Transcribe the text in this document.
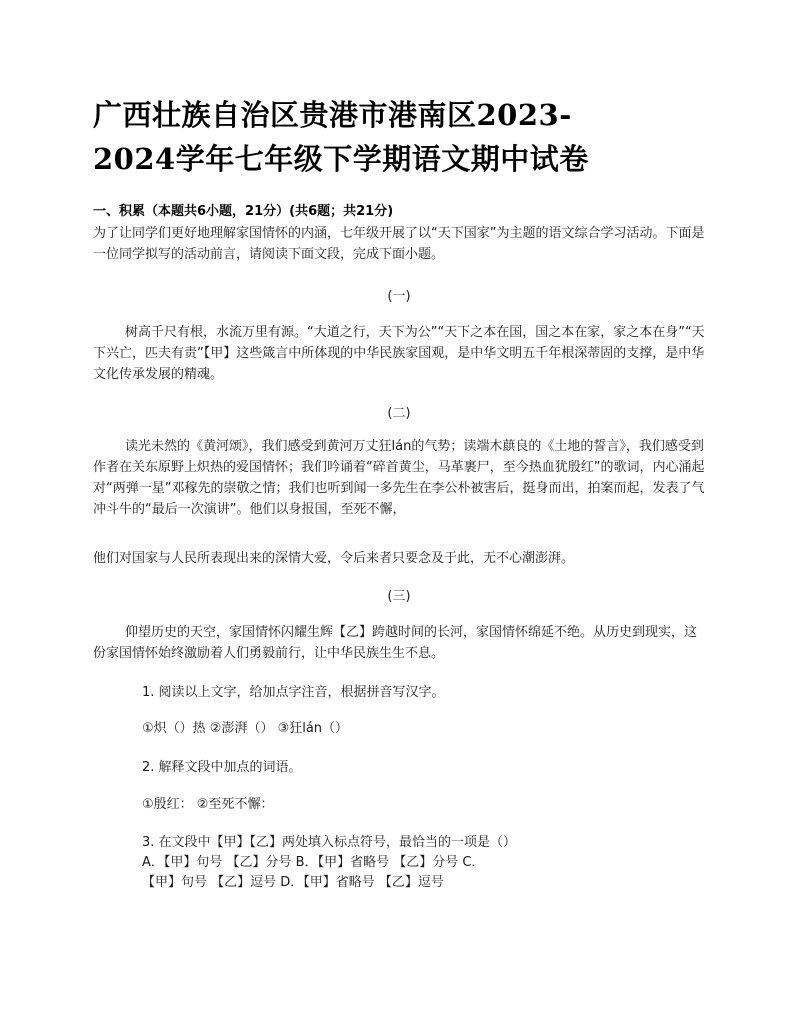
广西壮族自治区贵港市港南区2023-
2024学年七年级下学期语文期中试卷
一、积累（本题共6小题，21分）(共6题；共21分)
为了让同学们更好地理解家国情怀的内涵，七年级开展了以“天下国家”为主题的语文综合学习活动。下面是一位同学拟写的活动前言，请阅读下面文段，完成下面小题。
(一)
树高千尺有根，水流万里有源。“大道之行，天下为公”“天下之本在国，国之本在家，家之本在身”“天下兴亡，匹夫有责”【甲】这些箴言中所体现的中华民族家国观，是中华文明五千年根深蒂固的支撑，是中华文化传承发展的精魂。
(二)
读光未然的《黄河颂》，我们感受到黄河万丈狂lán的气势；读端木蕻良的《土地的誓言》，我们感受到作者在关东原野上炽热的爱国情怀；我们吟诵着“碎首黄尘，马革裹尸，至今热血犹殷红”的歌词，内心涌起对“两弹一星”邓稼先的崇敬之情；我们也听到闻一多先生在李公朴被害后，挺身而出，拍案而起，发表了气冲斗牛的“最后一次演讲”。他们以身报国，至死不懈，
他们对国家与人民所表现出来的深情大爱，令后来者只要念及于此，无不心潮澎湃。
(三)
仰望历史的天空，家国情怀闪耀生辉【乙】跨越时间的长河，家国情怀绵延不绝。从历史到现实，这份家国情怀始终激励着人们勇毅前行，让中华民族生生不息。
1. 阅读以上文字，给加点字注音，根据拼音写汉字。
①炽（）热 ②澎湃（） ③狂lán（）
2. 解释文段中加点的词语。
①殷红： ②至死不懈：
3. 在文段中【甲】【乙】两处填入标点符号，最恰当的一项是（）
A．【甲】句号 【乙】分号 B．【甲】省略号 【乙】分号 C．
【甲】句号 【乙】逗号 D．【甲】省略号 【乙】逗号
